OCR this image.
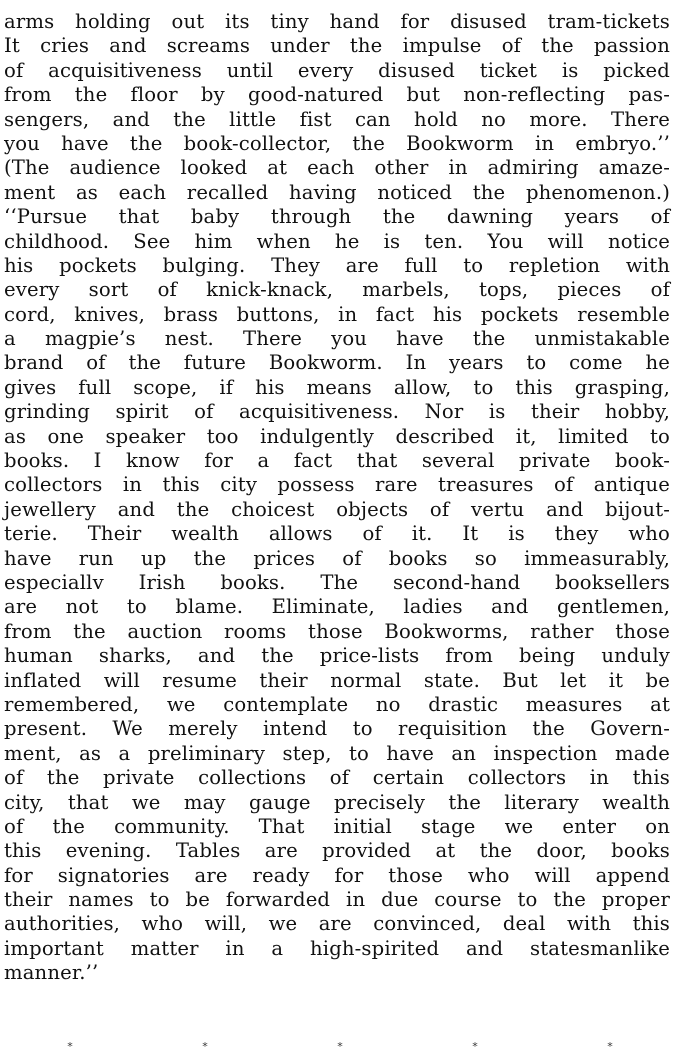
arms holding out its tiny hand for disused tram-tickets
It cries and screams under the impulse of the passion
of acquisitiveness until every disused ticket is picked
from the floor by good-natured but non-reflecting pas-
sengers, and the little fist can hold no more. There
you have the book-collector, the Bookworm in embryo.’’
(The audience looked at each other in admiring amaze-
ment as each recalled having noticed the phenomenon.)
‘‘Pursue that baby through the dawning years of
childhood. See him when he is ten. You will notice
his pockets bulging. They are full to repletion with
every sort of knick-knack, marbels, tops, pieces of
cord, knives, brass buttons, in fact his pockets resemble
a magpie’s nest. There you have the unmistakable
brand of the future Bookworm. In years to come he
gives full scope, if his means allow, to this grasping,
grinding spirit of acquisitiveness. Nor is their hobby,
as one speaker too indulgently described it, limited to
books. I know for a fact that several private book-
collectors in this city possess rare treasures of antique
jewellery and the choicest objects of vertu and bijout-
terie. Their wealth allows of it. It is they who
have run up the prices of books so immeasurably,
especiallv Irish books. The second-hand booksellers
are not to blame. Eliminate, ladies and gentlemen,
from the auction rooms those Bookworms, rather those
human sharks, and the price-lists from being unduly
inflated will resume their normal state. But let it be
remembered, we contemplate no drastic measures at
present. We merely intend to requisition the Govern-
ment, as a preliminary step, to have an inspection made
of the private collections of certain collectors in this
city, that we may gauge precisely the literary wealth
of the community. That initial stage we enter on
this evening. Tables are provided at the door, books
for signatories are ready for those who will append
their names to be forwarded in due course to the proper
authorities, who will, we are convinced, deal with this
important matter in a high-spirited and statesmanlike
manner.’’
*	*	*	*	*
